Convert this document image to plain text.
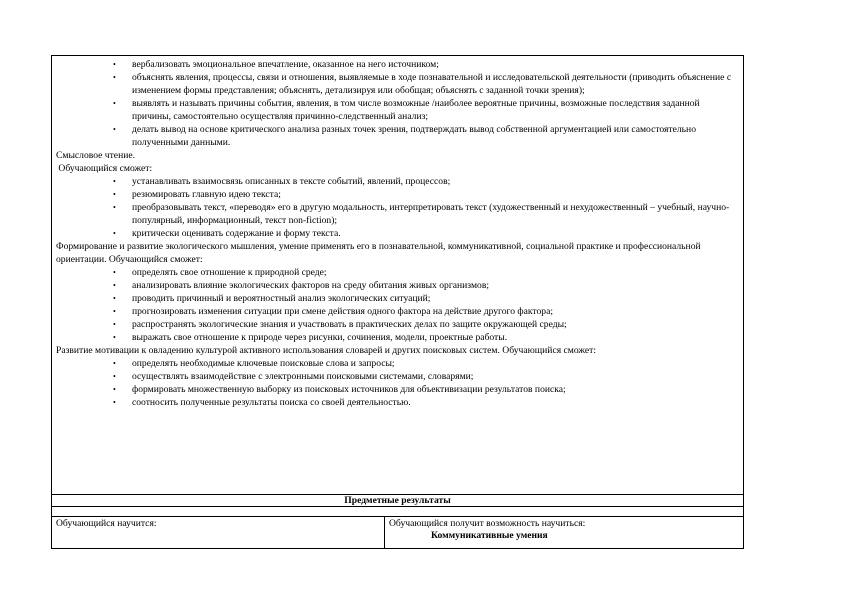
• вербализовать эмоциональное впечатление, оказанное на него источником;
• объяснять явления, процессы, связи и отношения, выявляемые в ходе познавательной и исследовательской деятельности (приводить объяснение с изменением формы представления; объяснять, детализируя или обобщая; объяснять с заданной точки зрения);
• выявлять и называть причины события, явления, в том числе возможные /наиболее вероятные причины, возможные последствия заданной причины, самостоятельно осуществляя причинно-следственный анализ;
• делать вывод на основе критического анализа разных точек зрения, подтверждать вывод собственной аргументацией или самостоятельно полученными данными.

Смысловое чтение.

Обучающийся сможет:

• устанавливать взаимосвязь описанных в тексте событий, явлений, процессов;
• резюмировать главную идею текста;
• преобразовывать текст, «переводя» его в другую модальность, интерпретировать текст (художественный и нехудожественный – учебный, научно-популярный, информационный, текст non-fiction);
• критически оценивать содержание и форму текста.

Формирование и развитие экологического мышления, умение применять его в познавательной, коммуникативной, социальной практике и профессиональной ориентации. Обучающийся сможет:

• определять свое отношение к природной среде;
• анализировать влияние экологических факторов на среду обитания живых организмов;
• проводить причинный и вероятностный анализ экологических ситуаций;
• прогнозировать изменения ситуации при смене действия одного фактора на действие другого фактора;
• распространять экологические знания и участвовать в практических делах по защите окружающей среды;
• выражать свое отношение к природе через рисунки, сочинения, модели, проектные работы.

Развитие мотивации к овладению культурой активного использования словарей и других поисковых систем. Обучающийся сможет:

• определять необходимые ключевые поисковые слова и запросы;
• осуществлять взаимодействие с электронными поисковыми системами, словарями;
• формировать множественную выборку из поисковых источников для объективизации результатов поиска;
• соотносить полученные результаты поиска со своей деятельностью.
Предметные результаты
Обучающийся научится:	Обучающийся получит возможность научиться:
Коммуникативные умения
